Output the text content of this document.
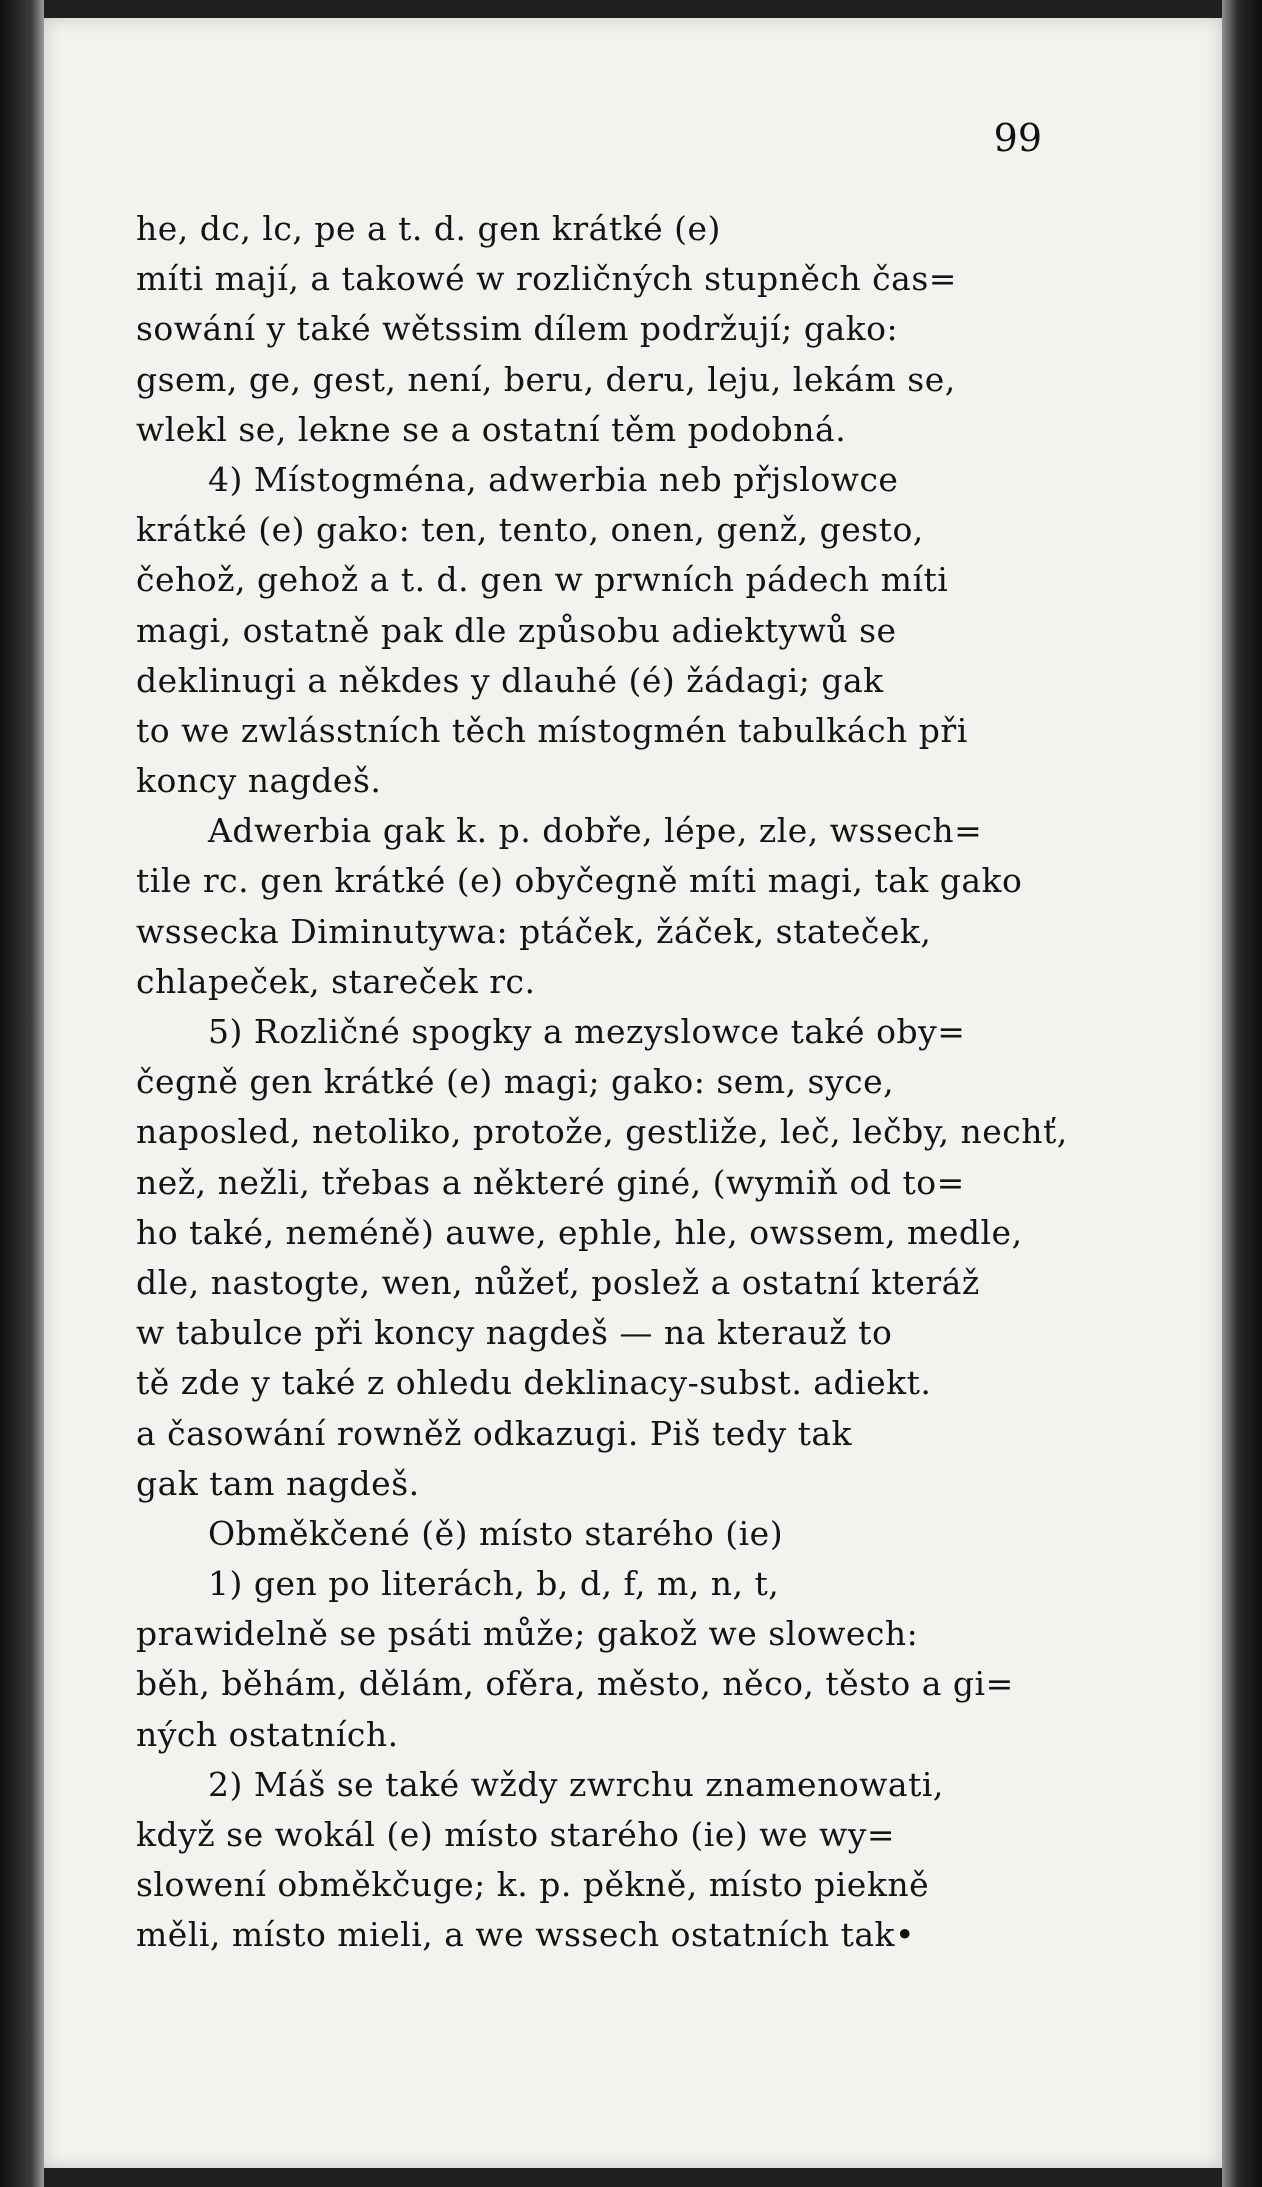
99
he, dc, lc, pe a t. d. gen krátké (e)
míti mají, a takowé w rozličných stupněch čas=
sowání y také wětssim dílem podržují; gako:
gsem, ge, gest, není, beru, deru, leju, lekám se,
wlekl se, lekne se a ostatní těm podobná.
4) Místogména, adwerbia neb přjslowce
krátké (e) gako: ten, tento, onen, genž, gesto,
čehož, gehož a t. d. gen w prwních pádech míti
magi, ostatně pak dle způsobu adiektywů se
deklinugi a někdes y dlauhé (é) žádagi; gak
to we zwlásstních těch místogmén tabulkách při
koncy nagdeš.
Adwerbia gak k. p. dobře, lépe, zle, wssech=
tile rc. gen krátké (e) obyčegně míti magi, tak gako
wssecka Diminutywa: ptáček, žáček, stateček,
chlapeček, stareček rc.
5) Rozličné spogky a mezyslowce také oby=
čegně gen krátké (e) magi; gako: sem, syce,
naposled, netoliko, protože, gestliže, leč, lečby, nechť,
než, nežli, třebas a některé giné, (wymiň od to=
ho také, neméně) auwe, ephle, hle, owssem, medle,
dle, nastogte, wen, nůžeť, poslež a ostatní kteráž
w tabulce při koncy nagdeš — na kterauž to
tě zde y také z ohledu deklinacy-subst. adiekt.
a časowání rowněž odkazugi. Piš tedy tak
gak tam nagdeš.
Obměkčené (ě) místo starého (ie)
1) gen po literách, b, d, f, m, n, t,
prawidelně se psáti může; gakož we slowech:
běh, běhám, dělám, ofěra, město, něco, těsto a gi=
ných ostatních.
2) Máš se také wždy zwrchu znamenowati,
když se wokál (e) místo starého (ie) we wy=
slowení obměkčuge; k. p. pěkně, místo piekně
měli, místo mieli, a we wssech ostatních tak•
